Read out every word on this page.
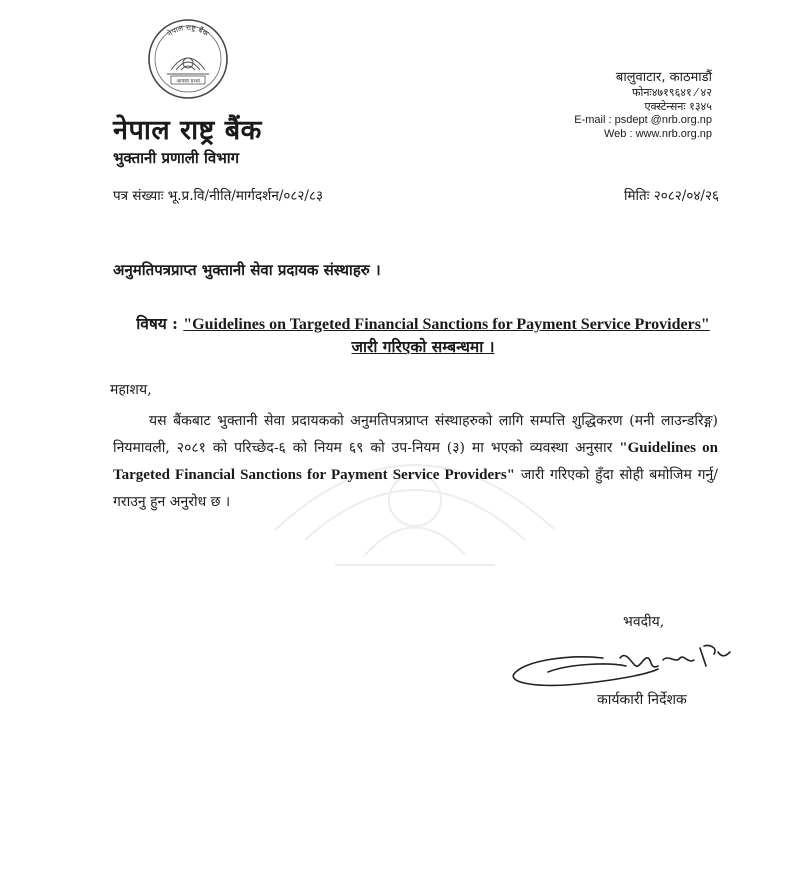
नेपाल राष्ट्र बैंक
आयस्य प्रभवं
नेपाल राष्ट्र बैंक
भुक्तानी प्रणाली विभाग
बालुवाटार, काठमाडौं
फोनः४७१९६४१ ⁄ ४२
एक्स्टेन्सनः १३४५
E-mail : psdept @nrb.org.np
Web : www.nrb.org.np
पत्र संख्याः भू.प्र.वि/नीति/मार्गदर्शन/०८२/८३	मितिः २०८२/०४/२६
अनुमतिपत्रप्राप्त भुक्तानी सेवा प्रदायक संस्थाहरु ।
विषय : "Guidelines on Targeted Financial Sanctions for Payment Service Providers"
जारी गरिएको सम्बन्धमा ।
महाशय,
यस बैंकबाट भुक्तानी सेवा प्रदायकको अनुमतिपत्रप्राप्त संस्थाहरुको लागि सम्पत्ति शुद्धिकरण (मनी लाउन्डरिङ्ग) नियमावली, २०८१ को परिच्छेद-६ को नियम ६९ को उप-नियम (३) मा भएको व्यवस्था अनुसार "Guidelines on Targeted Financial Sanctions for Payment Service Providers" जारी गरिएको हुँदा सोही बमोजिम गर्नु/गराउनु हुन अनुरोध छ ।
भवदीय,
कार्यकारी निर्देशक
